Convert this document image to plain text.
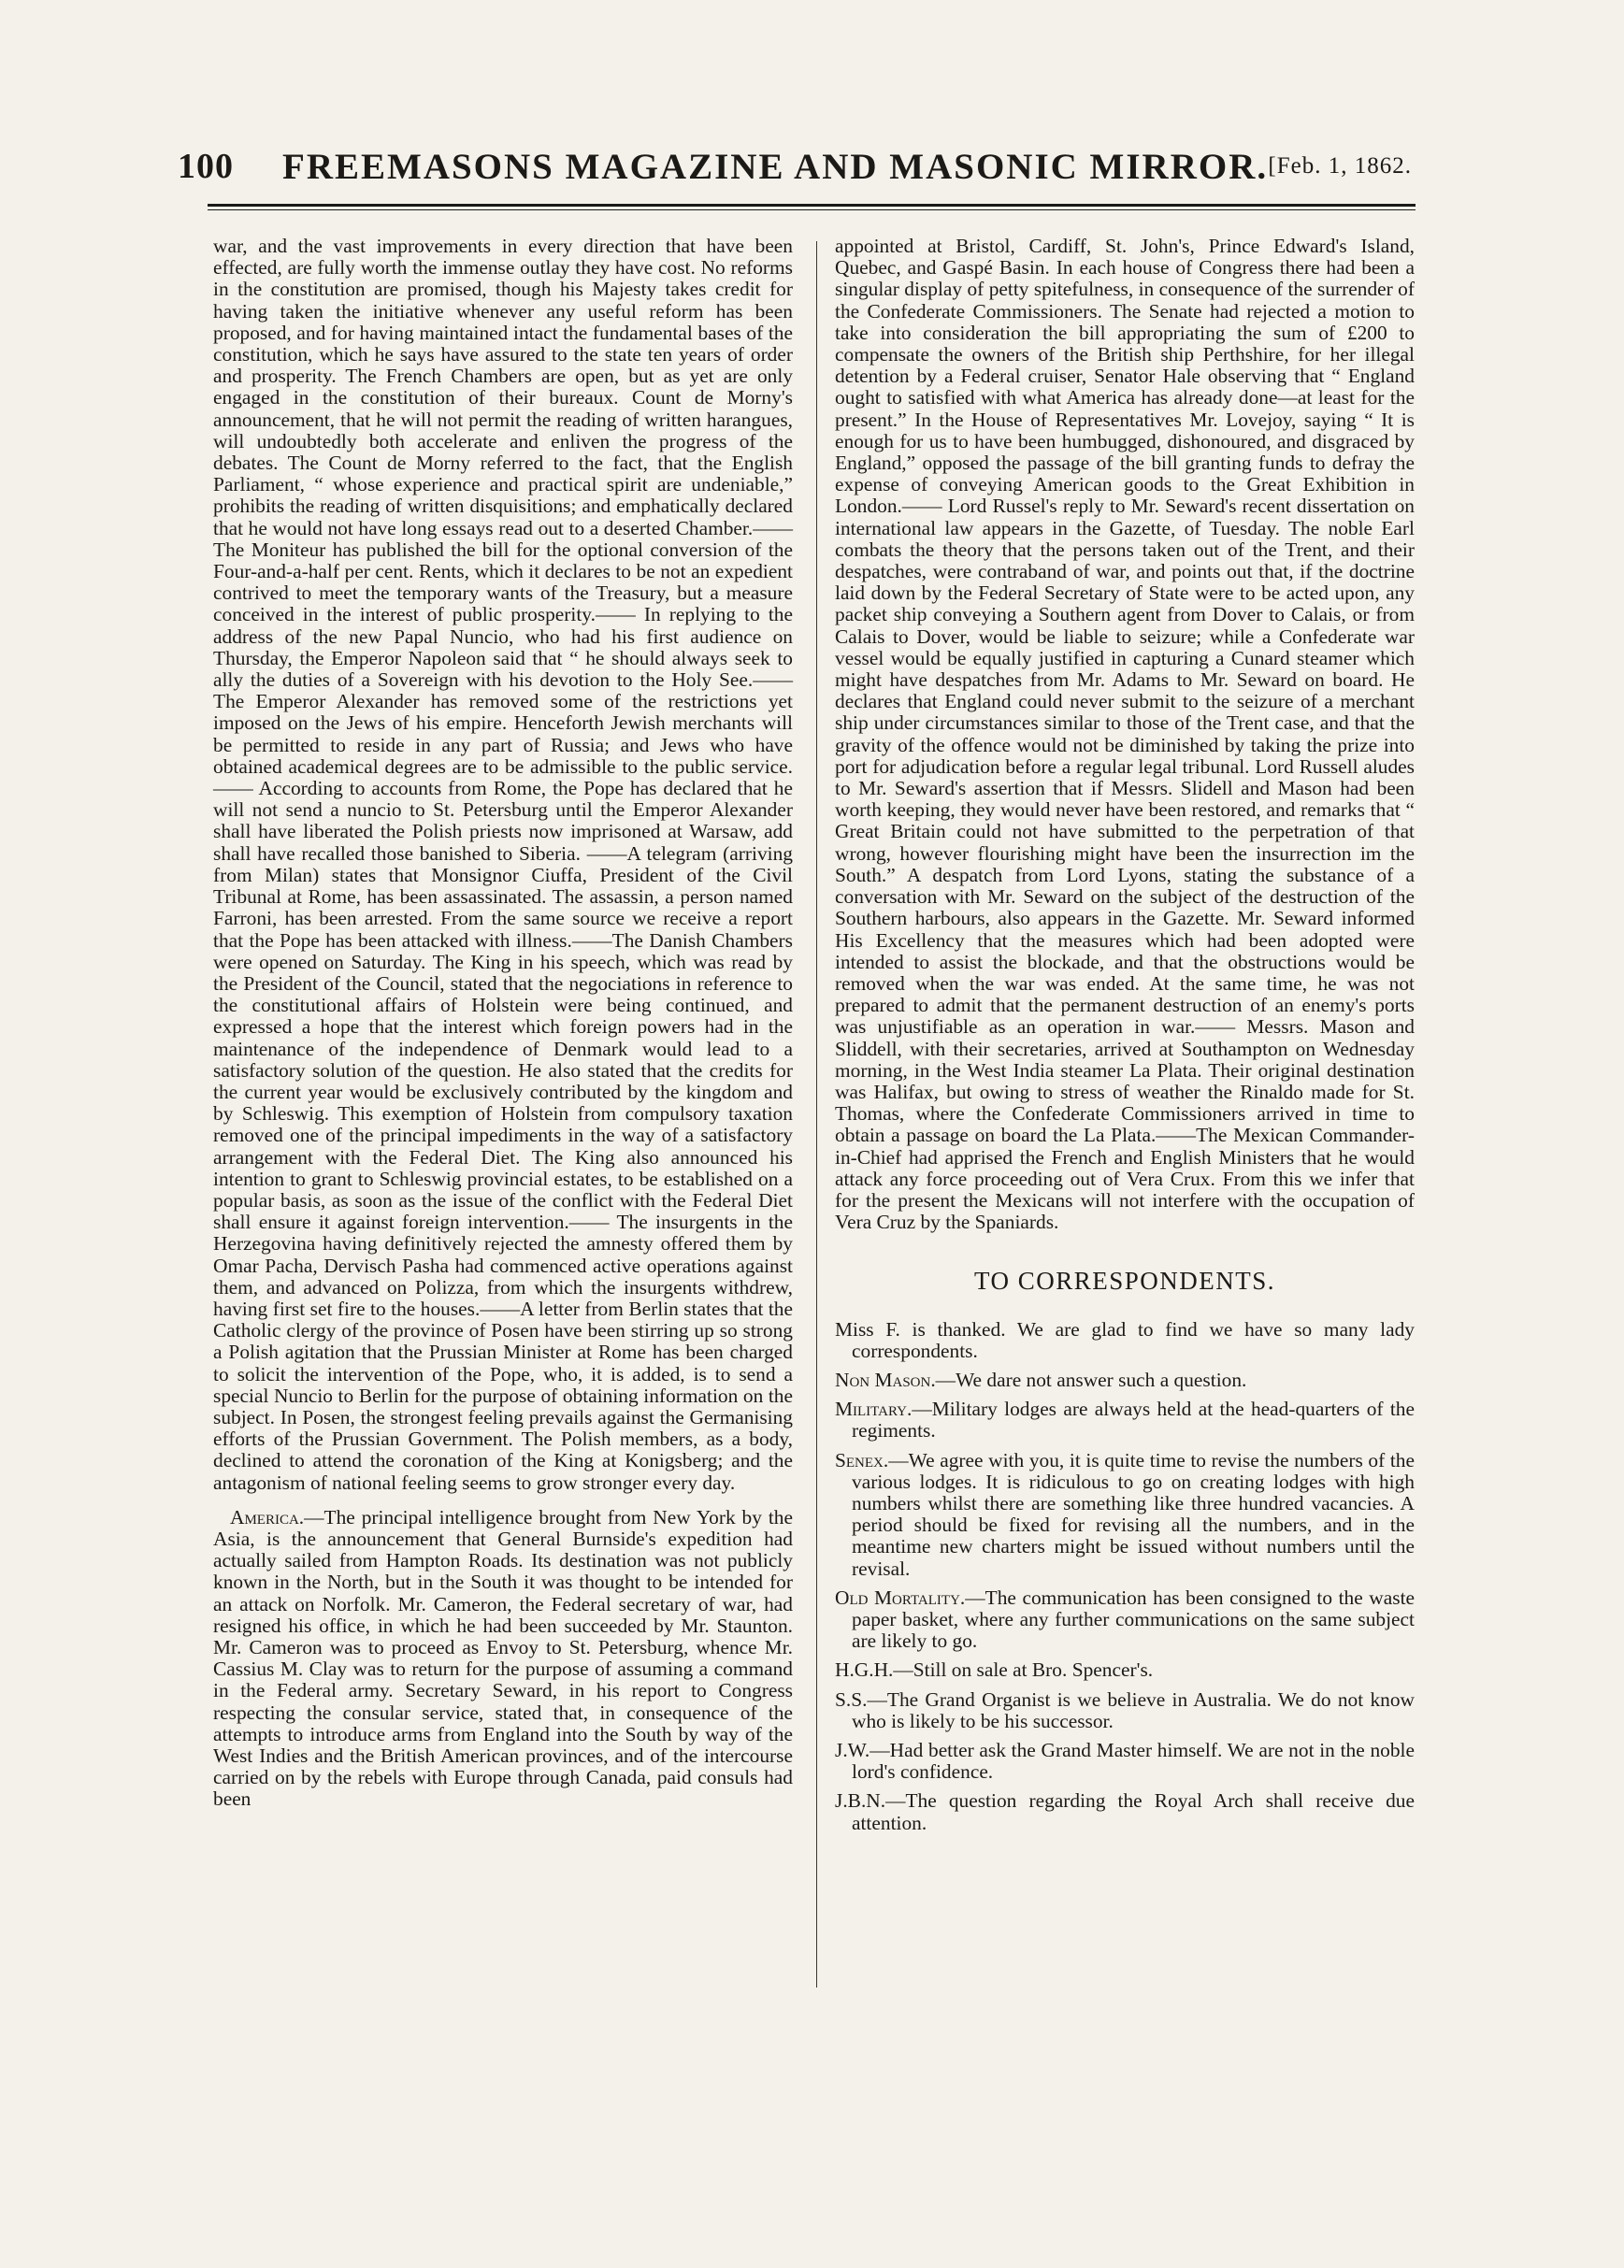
100 FREEMASONS MAGAZINE AND MASONIC MIRROR. [Feb. 1, 1862.

war, and the vast improvements in every direction that have been effected, are fully worth the immense outlay they have cost. No reforms in the constitution are promised, though his Majesty takes credit for having taken the initiative whenever any useful reform has been proposed, and for having maintained intact the fundamental bases of the constitution, which he says have assured to the state ten years of order and prosperity. The French Chambers are open, but as yet are only engaged in the constitution of their bureaux. Count de Morny's announcement, that he will not permit the reading of written harangues, will undoubtedly both accelerate and enliven the progress of the debates. The Count de Morny referred to the fact, that the English Parliament, “ whose experience and practical spirit are undeniable,” prohibits the reading of written disquisitions; and emphatically declared that he would not have long essays read out to a deserted Chamber.——The Moniteur has published the bill for the optional conversion of the Four-and-a-half per cent. Rents, which it declares to be not an expedient contrived to meet the temporary wants of the Treasury, but a measure conceived in the interest of public prosperity.—— In replying to the address of the new Papal Nuncio, who had his first audience on Thursday, the Emperor Napoleon said that “ he should always seek to ally the duties of a Sovereign with his devotion to the Holy See.——The Emperor Alexander has removed some of the restrictions yet imposed on the Jews of his empire. Henceforth Jewish merchants will be permitted to reside in any part of Russia; and Jews who have obtained academical degrees are to be admissible to the public service.—— According to accounts from Rome, the Pope has declared that he will not send a nuncio to St. Petersburg until the Emperor Alexander shall have liberated the Polish priests now imprisoned at Warsaw, add shall have recalled those banished to Siberia. ——A telegram (arriving from Milan) states that Monsignor Ciuffa, President of the Civil Tribunal at Rome, has been assassinated. The assassin, a person named Farroni, has been arrested. From the same source we receive a report that the Pope has been attacked with illness.——The Danish Chambers were opened on Saturday. The King in his speech, which was read by the President of the Council, stated that the negociations in reference to the constitutional affairs of Holstein were being continued, and expressed a hope that the interest which foreign powers had in the maintenance of the independence of Denmark would lead to a satisfactory solution of the question. He also stated that the credits for the current year would be exclusively contributed by the kingdom and by Schleswig. This exemption of Holstein from compulsory taxation removed one of the principal impediments in the way of a satisfactory arrangement with the Federal Diet. The King also announced his intention to grant to Schleswig provincial estates, to be established on a popular basis, as soon as the issue of the conflict with the Federal Diet shall ensure it against foreign intervention.—— The insurgents in the Herzegovina having definitively rejected the amnesty offered them by Omar Pacha, Dervisch Pasha had commenced active operations against them, and advanced on Polizza, from which the insurgents withdrew, having first set fire to the houses.——A letter from Berlin states that the Catholic clergy of the province of Posen have been stirring up so strong a Polish agitation that the Prussian Minister at Rome has been charged to solicit the intervention of the Pope, who, it is added, is to send a special Nuncio to Berlin for the purpose of obtaining information on the subject. In Posen, the strongest feeling prevails against the Germanising efforts of the Prussian Government. The Polish members, as a body, declined to attend the coronation of the King at Konigsberg; and the antagonism of national feeling seems to grow stronger every day.

America.—The principal intelligence brought from New York by the Asia, is the announcement that General Burnside's expedition had actually sailed from Hampton Roads. Its destination was not publicly known in the North, but in the South it was thought to be intended for an attack on Norfolk. Mr. Cameron, the Federal secretary of war, had resigned his office, in which he had been succeeded by Mr. Staunton. Mr. Cameron was to proceed as Envoy to St. Petersburg, whence Mr. Cassius M. Clay was to return for the purpose of assuming a command in the Federal army. Secretary Seward, in his report to Congress respecting the consular service, stated that, in consequence of the attempts to introduce arms from England into the South by way of the West Indies and the British American provinces, and of the intercourse carried on by the rebels with Europe through Canada, paid consuls had been

appointed at Bristol, Cardiff, St. John's, Prince Edward's Island, Quebec, and Gaspé Basin. In each house of Congress there had been a singular display of petty spitefulness, in consequence of the surrender of the Confederate Commissioners. The Senate had rejected a motion to take into consideration the bill appropriating the sum of £200 to compensate the owners of the British ship Perthshire, for her illegal detention by a Federal cruiser, Senator Hale observing that “ England ought to satisfied with what America has already done—at least for the present.” In the House of Representatives Mr. Lovejoy, saying “ It is enough for us to have been humbugged, dishonoured, and disgraced by England,” opposed the passage of the bill granting funds to defray the expense of conveying American goods to the Great Exhibition in London.—— Lord Russel's reply to Mr. Seward's recent dissertation on international law appears in the Gazette, of Tuesday. The noble Earl combats the theory that the persons taken out of the Trent, and their despatches, were contraband of war, and points out that, if the doctrine laid down by the Federal Secretary of State were to be acted upon, any packet ship conveying a Southern agent from Dover to Calais, or from Calais to Dover, would be liable to seizure; while a Confederate war vessel would be equally justified in capturing a Cunard steamer which might have despatches from Mr. Adams to Mr. Seward on board. He declares that England could never submit to the seizure of a merchant ship under circumstances similar to those of the Trent case, and that the gravity of the offence would not be diminished by taking the prize into port for adjudication before a regular legal tribunal. Lord Russell aludes to Mr. Seward's assertion that if Messrs. Slidell and Mason had been worth keeping, they would never have been restored, and remarks that “ Great Britain could not have submitted to the perpetration of that wrong, however flourishing might have been the insurrection im the South.” A despatch from Lord Lyons, stating the substance of a conversation with Mr. Seward on the subject of the destruction of the Southern harbours, also appears in the Gazette. Mr. Seward informed His Excellency that the measures which had been adopted were intended to assist the blockade, and that the obstructions would be removed when the war was ended. At the same time, he was not prepared to admit that the permanent destruction of an enemy's ports was unjustifiable as an operation in war.—— Messrs. Mason and Sliddell, with their secretaries, arrived at Southampton on Wednesday morning, in the West India steamer La Plata. Their original destination was Halifax, but owing to stress of weather the Rinaldo made for St. Thomas, where the Confederate Commissioners arrived in time to obtain a passage on board the La Plata.——The Mexican Commander-in-Chief had apprised the French and English Ministers that he would attack any force proceeding out of Vera Crux. From this we infer that for the present the Mexicans will not interfere with the occupation of Vera Cruz by the Spaniards.

TO CORRESPONDENTS.

Miss F. is thanked. We are glad to find we have so many lady correspondents.

Non Mason.—We dare not answer such a question.

Military.—Military lodges are always held at the head-quarters of the regiments.

Senex.—We agree with you, it is quite time to revise the numbers of the various lodges. It is ridiculous to go on creating lodges with high numbers whilst there are something like three hundred vacancies. A period should be fixed for revising all the numbers, and in the meantime new charters might be issued without numbers until the revisal.

Old Mortality.—The communication has been consigned to the waste paper basket, where any further communications on the same subject are likely to go.

H.G.H.—Still on sale at Bro. Spencer's.

S.S.—The Grand Organist is we believe in Australia. We do not know who is likely to be his successor.

J.W.—Had better ask the Grand Master himself. We are not in the noble lord's confidence.

J.B.N.—The question regarding the Royal Arch shall receive due attention.
